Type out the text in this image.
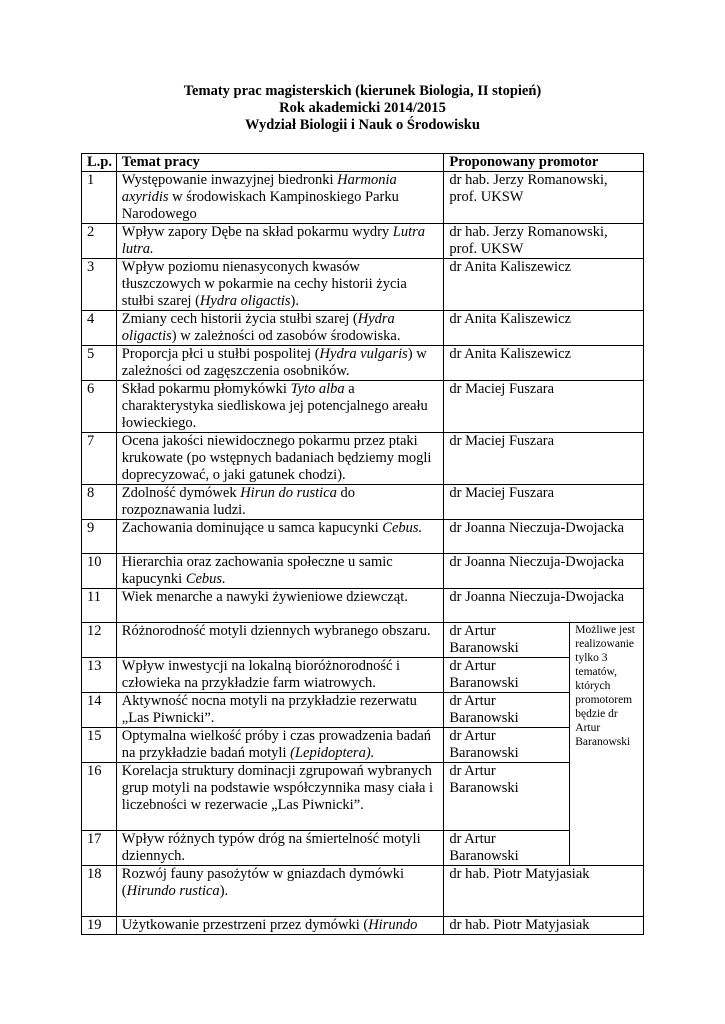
Tematy prac magisterskich (kierunek Biologia, II stopień)
Rok akademicki 2014/2015
Wydział Biologii i Nauk o Środowisku
L.p.	Temat pracy	Proponowany promotor	
1	Występowanie inwazyjnej biedronki Harmonia axyridis w środowiskach Kampinoskiego Parku Narodowego	dr hab. Jerzy Romanowski, prof. UKSW	
2	Wpływ zapory Dębe na skład pokarmu wydry Lutra lutra.	dr hab. Jerzy Romanowski, prof. UKSW	
3	Wpływ poziomu nienasyconych kwasów tłuszczowych w pokarmie na cechy historii życia stułbi szarej (Hydra oligactis).	dr Anita Kaliszewicz	
4	Zmiany cech historii życia stułbi szarej (Hydra oligactis) w zależności od zasobów środowiska.	dr Anita Kaliszewicz	
5	Proporcja płci u stułbi pospolitej (Hydra vulgaris) w zależności od zagęszczenia osobników.	dr Anita Kaliszewicz	
6	Skład pokarmu płomykówki Tyto alba a charakterystyka siedliskowa jej potencjalnego areału łowieckiego.	dr Maciej Fuszara	
7	Ocena jakości niewidocznego pokarmu przez ptaki krukowate (po wstępnych badaniach będziemy mogli doprecyzować, o jaki gatunek chodzi).	dr Maciej Fuszara	
8	Zdolność dymówek Hirun do rustica do rozpoznawania ludzi.	dr Maciej Fuszara	
9	Zachowania dominujące u samca kapucynki Cebus.	dr Joanna Nieczuja-Dwojacka	
10	Hierarchia oraz zachowania społeczne u samic kapucynki Cebus.	dr Joanna Nieczuja-Dwojacka	
11	Wiek menarche a nawyki żywieniowe dziewcząt.	dr Joanna Nieczuja-Dwojacka	
12	Różnorodność motyli dziennych wybranego obszaru.	dr Artur Baranowski	Możliwe jest realizowanie tylko 3 tematów, których promotorem będzie dr Artur Baranowski
13	Wpływ inwestycji na lokalną bioróżnorodność i człowieka na przykładzie farm wiatrowych.	dr Artur Baranowski	
14	Aktywność nocna motyli na przykładzie rezerwatu „Las Piwnicki”.	dr Artur Baranowski	
15	Optymalna wielkość próby i czas prowadzenia badań na przykładzie badań motyli (Lepidoptera).	dr Artur Baranowski	
16	Korelacja struktury dominacji zgrupowań wybranych grup motyli na podstawie współczynnika masy ciała i liczebności w rezerwacie „Las Piwnicki”.	dr Artur Baranowski	
17	Wpływ różnych typów dróg na śmiertelność motyli dziennych.	dr Artur Baranowski	
18	Rozwój fauny pasożytów w gniazdach dymówki (Hirundo rustica).	dr hab. Piotr Matyjasiak	
19	Użytkowanie przestrzeni przez dymówki (Hirundo	dr hab. Piotr Matyjasiak	
